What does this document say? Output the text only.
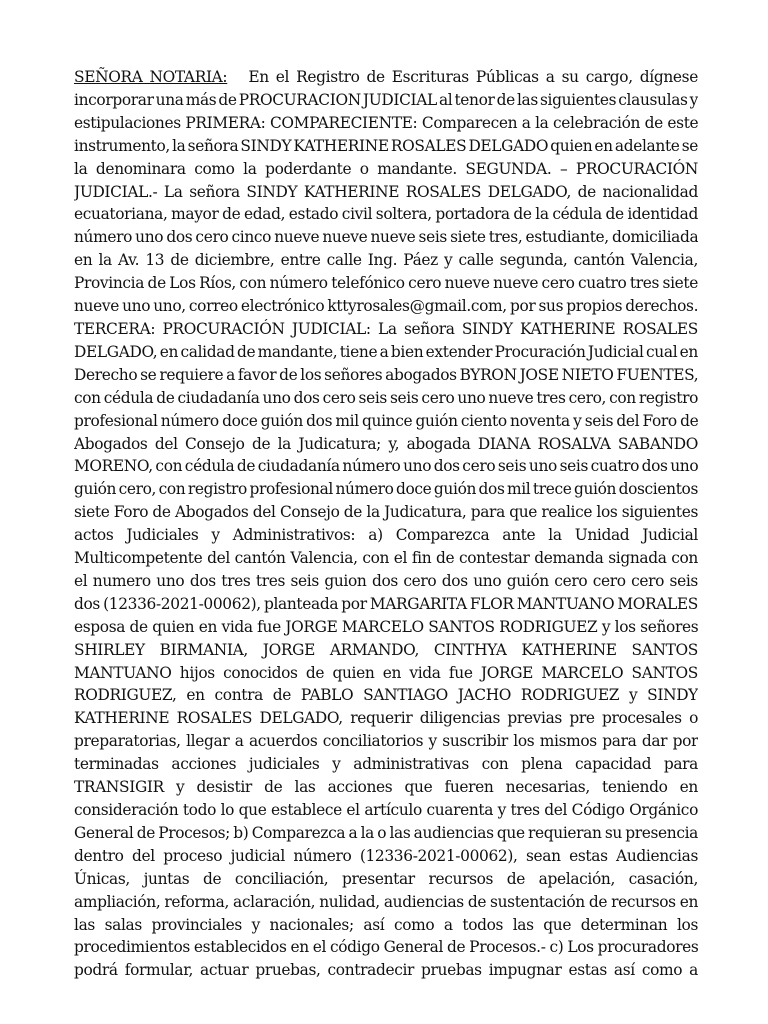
SEÑORA NOTARIA: En el Registro de Escrituras Públicas a su cargo, dígnese
incorporar una más de PROCURACION JUDICIAL al tenor de las siguientes clausulas y
estipulaciones PRIMERA: COMPARECIENTE: Comparecen a la celebración de este
instrumento, la señora SINDY KATHERINE ROSALES DELGADO quien en adelante se
la denominara como la poderdante o mandante. SEGUNDA. – PROCURACIÓN
JUDICIAL.- La señora SINDY KATHERINE ROSALES DELGADO, de nacionalidad
ecuatoriana, mayor de edad, estado civil soltera, portadora de la cédula de identidad
número uno dos cero cinco nueve nueve nueve seis siete tres, estudiante, domiciliada
en la Av. 13 de diciembre, entre calle Ing. Páez y calle segunda, cantón Valencia,
Provincia de Los Ríos, con número telefónico cero nueve nueve cero cuatro tres siete
nueve uno uno, correo electrónico kttyrosales@gmail.com, por sus propios derechos.
TERCERA: PROCURACIÓN JUDICIAL: La señora SINDY KATHERINE ROSALES
DELGADO, en calidad de mandante, tiene a bien extender Procuración Judicial cual en
Derecho se requiere a favor de los señores abogados BYRON JOSE NIETO FUENTES,
con cédula de ciudadanía uno dos cero seis seis cero uno nueve tres cero, con registro
profesional número doce guión dos mil quince guión ciento noventa y seis del Foro de
Abogados del Consejo de la Judicatura; y, abogada DIANA ROSALVA SABANDO
MORENO, con cédula de ciudadanía número uno dos cero seis uno seis cuatro dos uno
guión cero, con registro profesional número doce guión dos mil trece guión doscientos
siete Foro de Abogados del Consejo de la Judicatura, para que realice los siguientes
actos Judiciales y Administrativos: a) Comparezca ante la Unidad Judicial
Multicompetente del cantón Valencia, con el fin de contestar demanda signada con
el numero uno dos tres tres seis guion dos cero dos uno guión cero cero cero seis
dos (12336-2021-00062), planteada por MARGARITA FLOR MANTUANO MORALES
esposa de quien en vida fue JORGE MARCELO SANTOS RODRIGUEZ y los señores
SHIRLEY BIRMANIA, JORGE ARMANDO, CINTHYA KATHERINE SANTOS
MANTUANO hijos conocidos de quien en vida fue JORGE MARCELO SANTOS
RODRIGUEZ, en contra de PABLO SANTIAGO JACHO RODRIGUEZ y SINDY
KATHERINE ROSALES DELGADO, requerir diligencias previas pre procesales o
preparatorias, llegar a acuerdos conciliatorios y suscribir los mismos para dar por
terminadas acciones judiciales y administrativas con plena capacidad para
TRANSIGIR y desistir de las acciones que fueren necesarias, teniendo en
consideración todo lo que establece el artículo cuarenta y tres del Código Orgánico
General de Procesos; b) Comparezca a la o las audiencias que requieran su presencia
dentro del proceso judicial número (12336-2021-00062), sean estas Audiencias
Únicas, juntas de conciliación, presentar recursos de apelación, casación,
ampliación, reforma, aclaración, nulidad, audiencias de sustentación de recursos en
las salas provinciales y nacionales; así como a todos las que determinan los
procedimientos establecidos en el código General de Procesos.- c) Los procuradores
podrá formular, actuar pruebas, contradecir pruebas impugnar estas así como a
